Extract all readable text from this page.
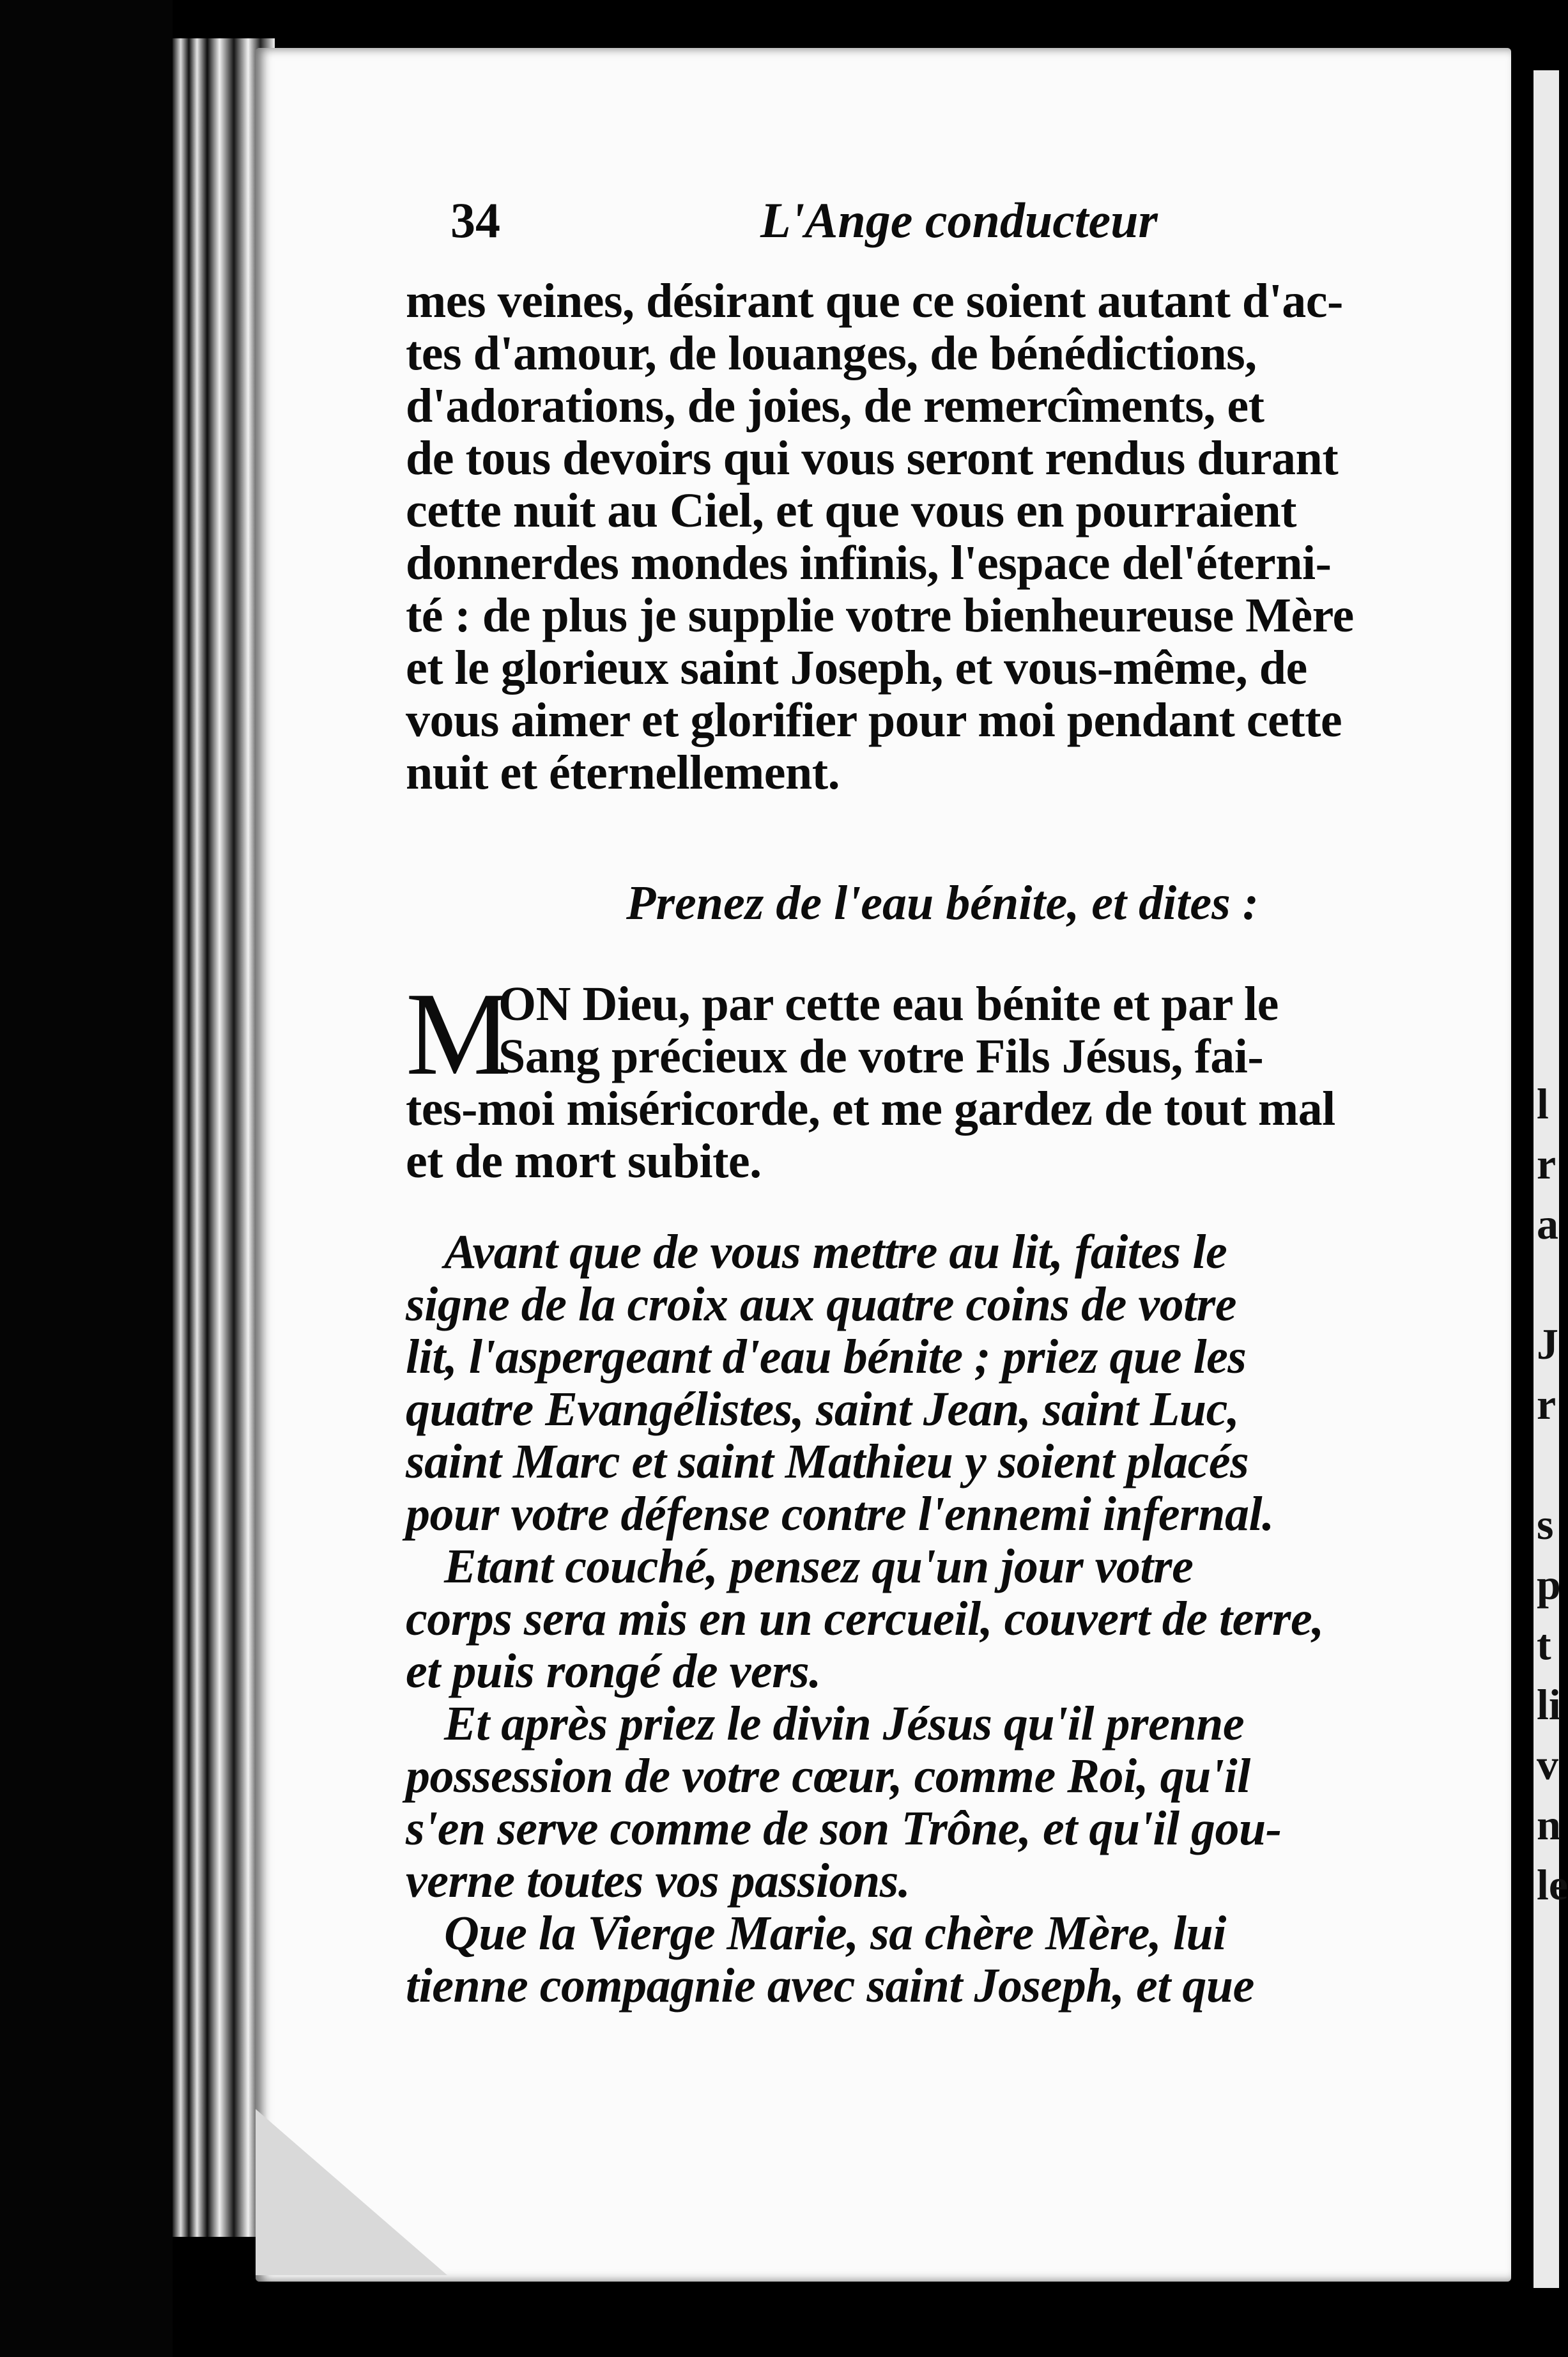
l
r
a
J
r
s
p
t
li
v
n
le
34	L'Ange conducteur
mes veines, désirant que ce soient autant d'ac-
tes d'amour, de louanges, de bénédictions,
d'adorations, de joies, de remercîments, et
de tous devoirs qui vous seront rendus durant
cette nuit au Ciel, et que vous en pourraient
donnerdes mondes infinis, l'espace del'éterni-
té : de plus je supplie votre bienheureuse Mère
et le glorieux saint Joseph, et vous-même, de
vous aimer et glorifier pour moi pendant cette
nuit et éternellement.
Prenez de l'eau bénite, et dites :
M
ON Dieu, par cette eau bénite et par le
Sang précieux de votre Fils Jésus, fai-
tes-moi miséricorde, et me gardez de tout mal
et de mort subite.
Avant que de vous mettre au lit, faites le
signe de la croix aux quatre coins de votre
lit, l'aspergeant d'eau bénite ; priez que les
quatre Evangélistes, saint Jean, saint Luc,
saint Marc et saint Mathieu y soient placés
pour votre défense contre l'ennemi infernal.
Etant couché, pensez qu'un jour votre
corps sera mis en un cercueil, couvert de terre,
et puis rongé de vers.
Et après priez le divin Jésus qu'il prenne
possession de votre cœur, comme Roi, qu'il
s'en serve comme de son Trône, et qu'il gou-
verne toutes vos passions.
Que la Vierge Marie, sa chère Mère, lui
tienne compagnie avec saint Joseph, et que
